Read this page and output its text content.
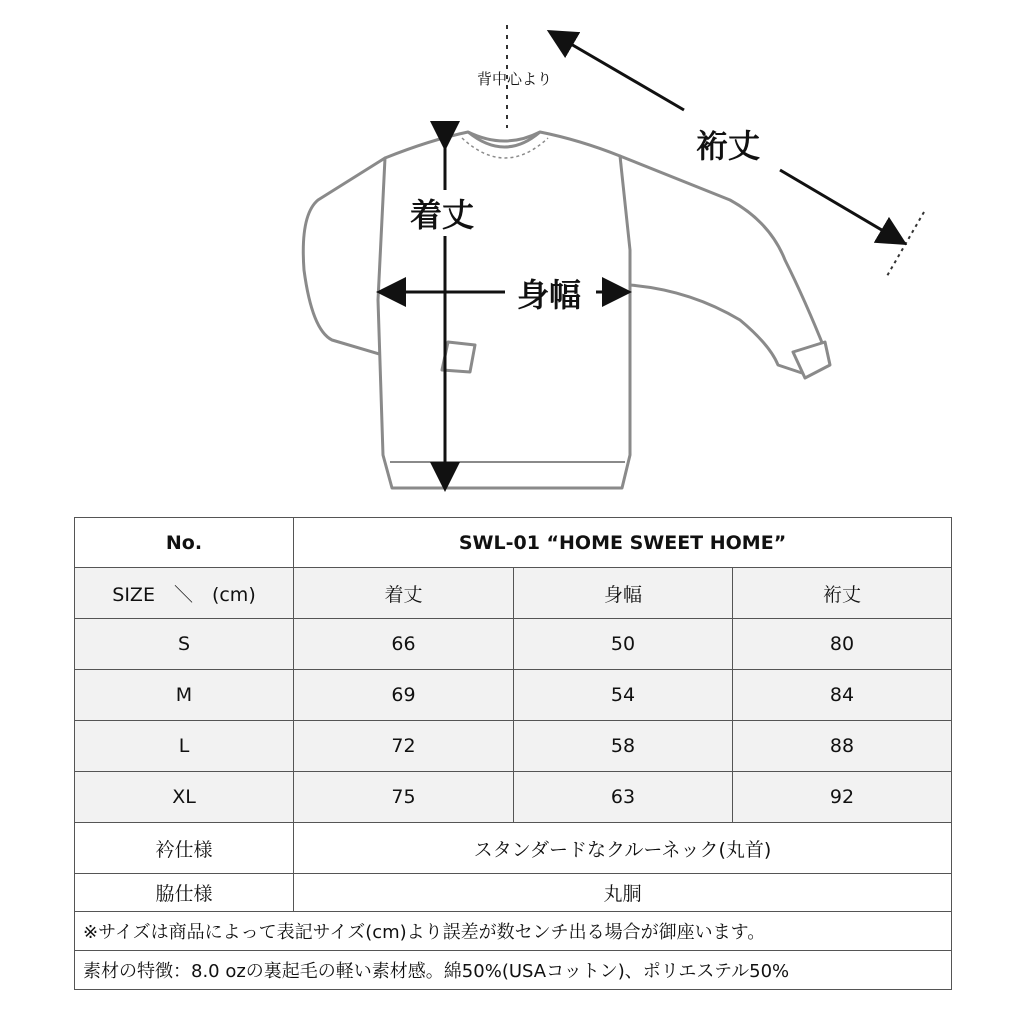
背中心より
着丈
身幅
裄丈
No.	SWL-01 “HOME SWEET HOME”		
SIZE　＼　(cm)	着丈	身幅	裄丈
S	66	50	80
M	69	54	84
L	72	58	88
XL	75	63	92
衿仕様	スタンダードなクルーネック(丸首)		
脇仕様	丸胴		
※サイズは商品によって表記サイズ(cm)より誤差が数センチ出る場合が御座います。			
素材の特徴：8.0 ozの裏起毛の軽い素材感。綿50%(USAコットン)、ポリエステル50%			
